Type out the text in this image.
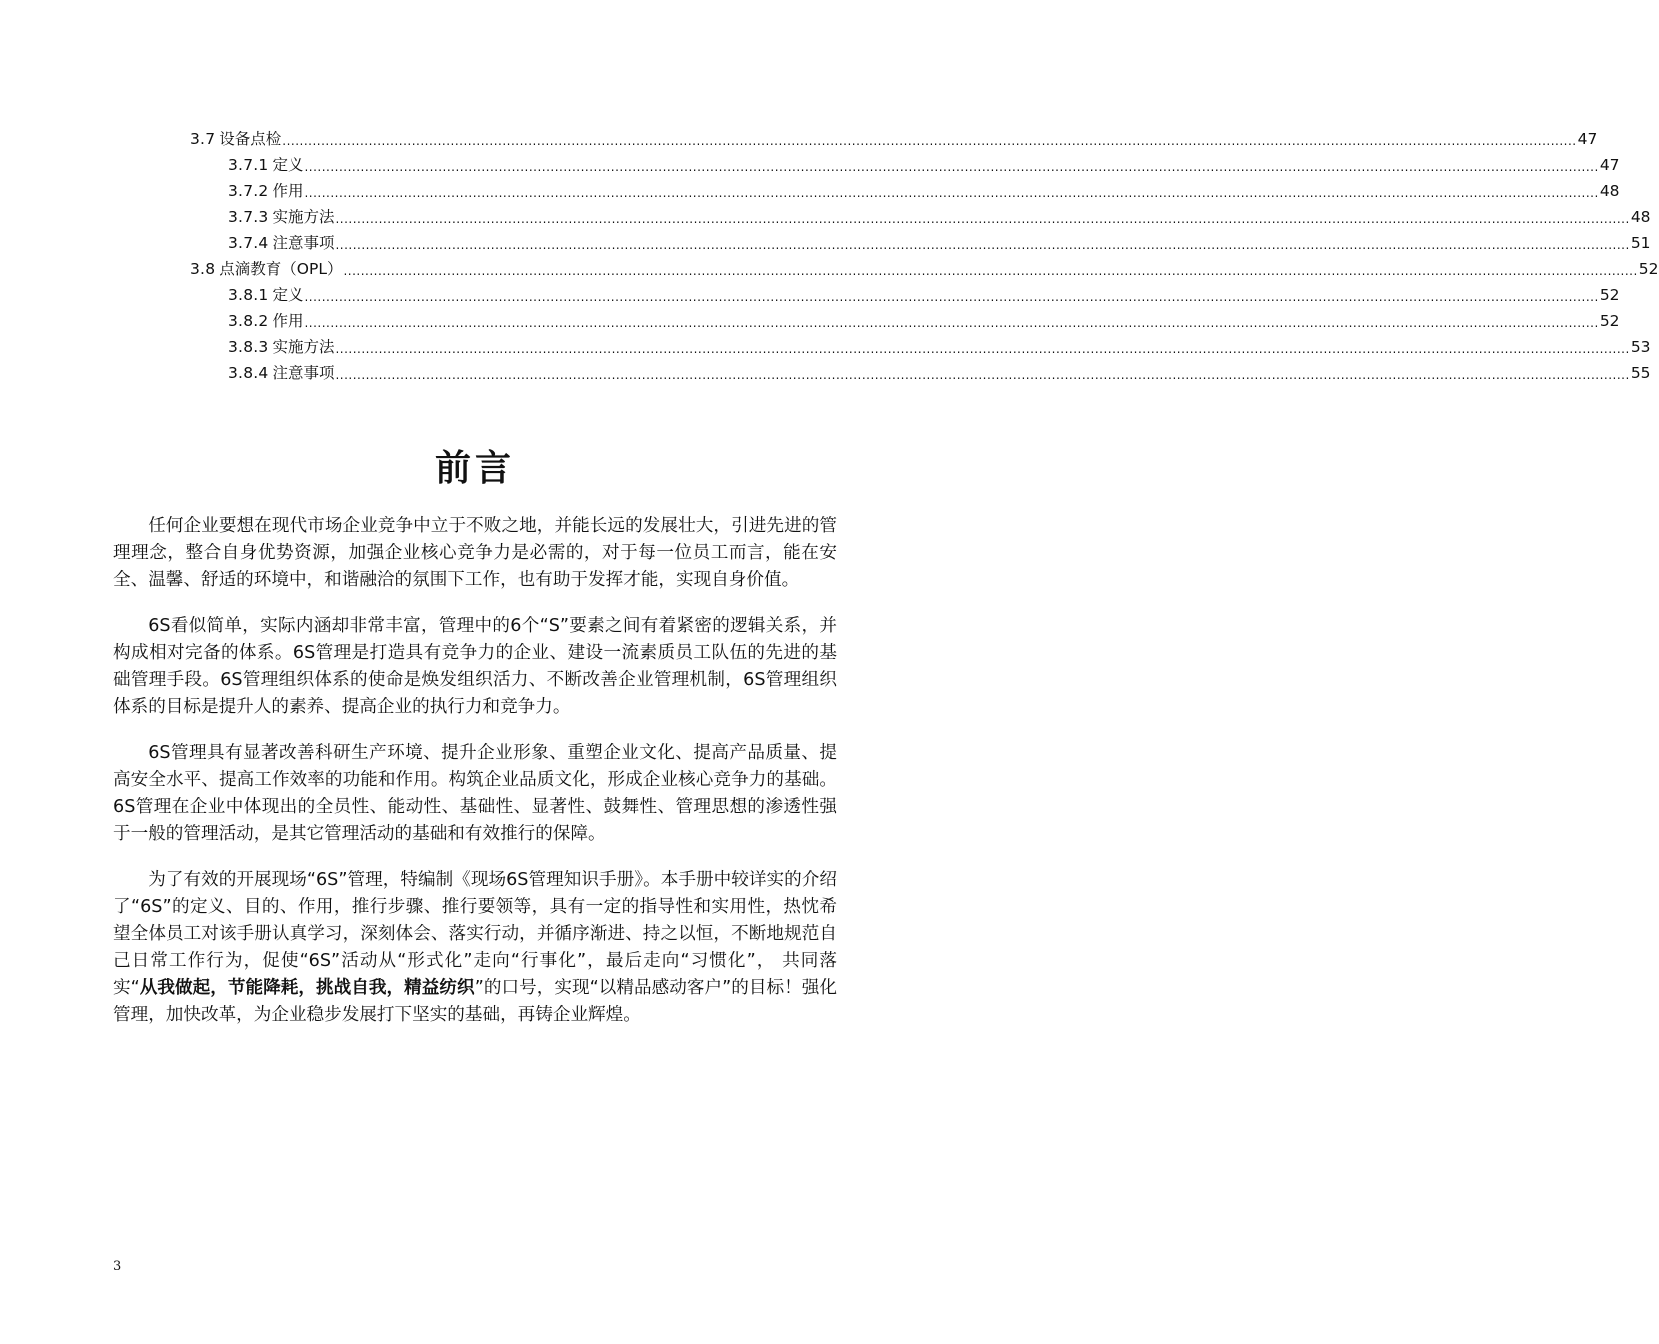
3.7 设备点检 ............................................................................................................................................................................................................................................................................................................ 47
3.7.1 定义 ............................................................................................................................................................................................................................................................................................................ 47
3.7.2 作用 ............................................................................................................................................................................................................................................................................................................ 48
3.7.3 实施方法 ............................................................................................................................................................................................................................................................................................................ 48
3.7.4 注意事项 ............................................................................................................................................................................................................................................................................................................ 51
3.8 点滴教育（OPL） ............................................................................................................................................................................................................................................................................................................ 52
3.8.1 定义 ............................................................................................................................................................................................................................................................................................................ 52
3.8.2 作用 ............................................................................................................................................................................................................................................................................................................ 52
3.8.3 实施方法 ............................................................................................................................................................................................................................................................................................................ 53
3.8.4 注意事项 ............................................................................................................................................................................................................................................................................................................ 55
前言

任何企业要想在现代市场企业竞争中立于不败之地，并能长远的发展壮大，引进先进的管理理念，整合自身优势资源，加强企业核心竞争力是必需的，对于每一位员工而言，能在安全、温馨、舒适的环境中，和谐融洽的氛围下工作，也有助于发挥才能，实现自身价值。

6S看似简单，实际内涵却非常丰富，管理中的6个“S”要素之间有着紧密的逻辑关系，并构成相对完备的体系。6S管理是打造具有竞争力的企业、建设一流素质员工队伍的先进的基础管理手段。6S管理组织体系的使命是焕发组织活力、不断改善企业管理机制，6S管理组织体系的目标是提升人的素养、提高企业的执行力和竞争力。

6S管理具有显著改善科研生产环境、提升企业形象、重塑企业文化、提高产品质量、提高安全水平、提高工作效率的功能和作用。构筑企业品质文化，形成企业核心竞争力的基础。6S管理在企业中体现出的全员性、能动性、基础性、显著性、鼓舞性、管理思想的渗透性强于一般的管理活动，是其它管理活动的基础和有效推行的保障。

为了有效的开展现场“6S”管理，特编制《现场6S管理知识手册》。本手册中较详实的介绍了“6S”的定义、目的、作用，推行步骤、推行要领等，具有一定的指导性和实用性，热忱希望全体员工对该手册认真学习，深刻体会、落实行动，并循序渐进、持之以恒，不断地规范自己日常工作行为，促使“6S”活动从“形式化”走向“行事化”，最后走向“习惯化”， 共同落实“从我做起，节能降耗，挑战自我，精益纺织”的口号，实现“以精品感动客户”的目标！强化管理，加快改革，为企业稳步发展打下坚实的基础，再铸企业辉煌。

3
